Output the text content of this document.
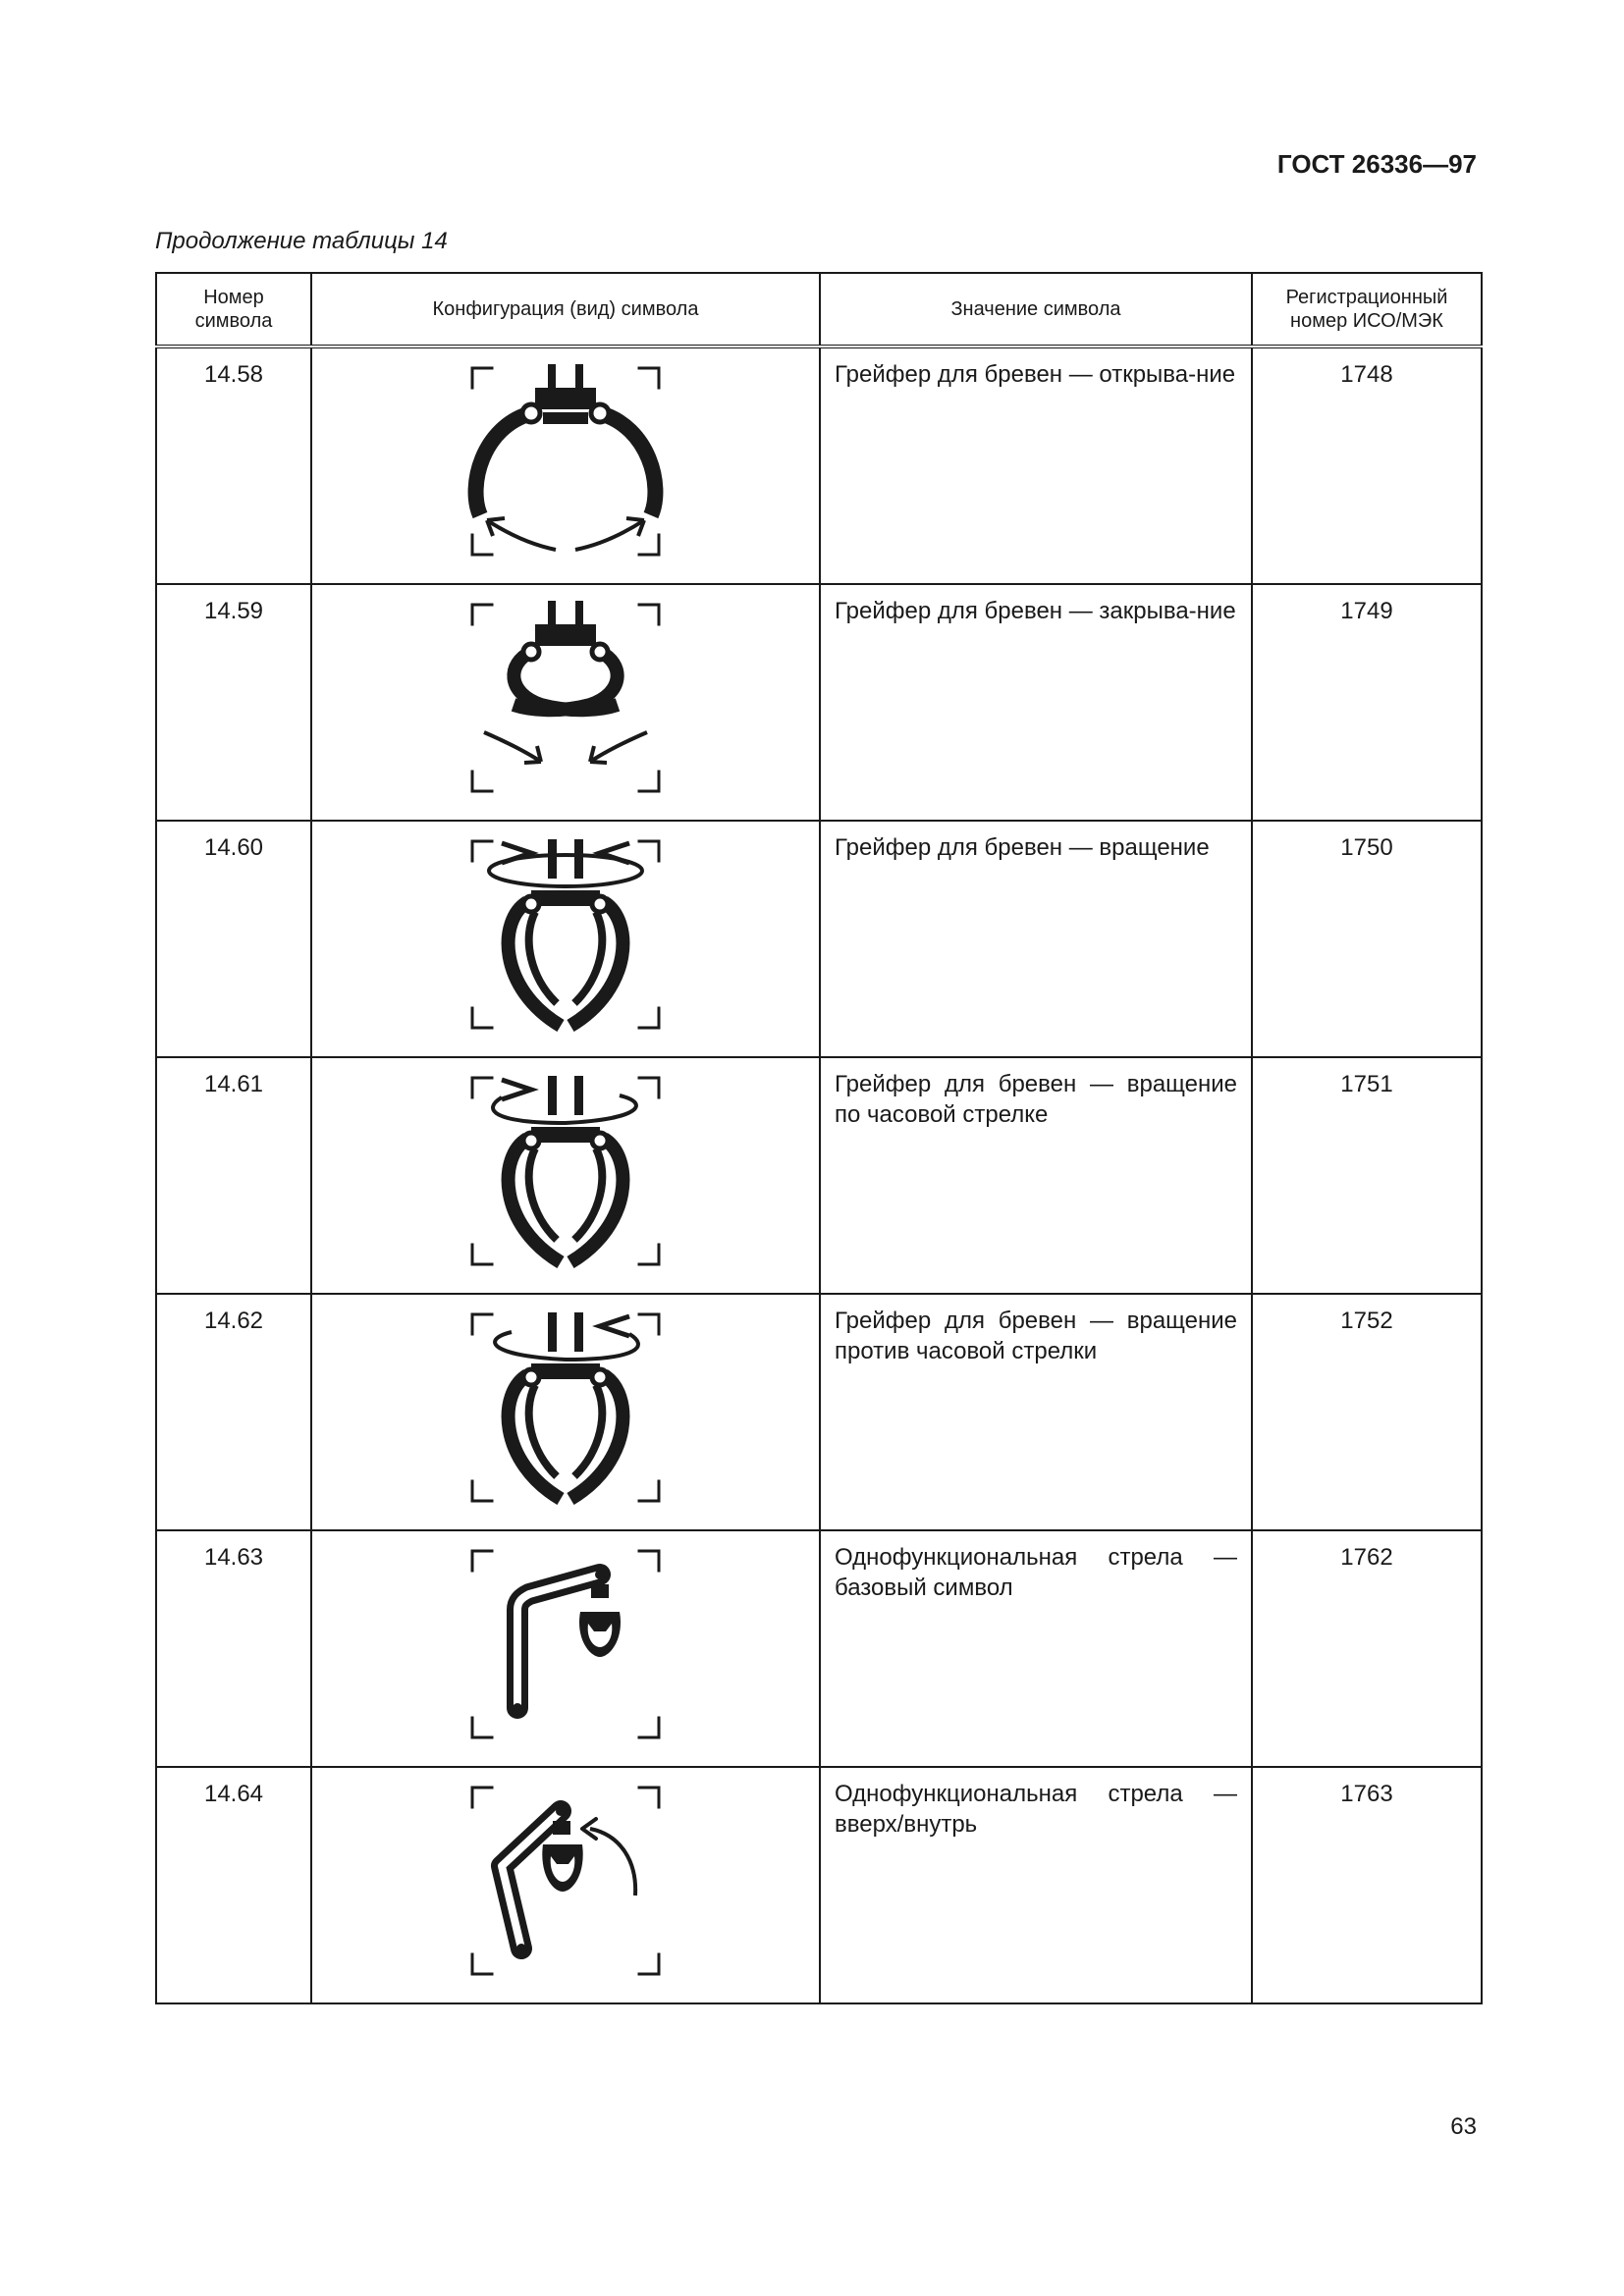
ГОСТ 26336—97
Продолжение таблицы 14
Номер символа	Конфигурация (вид) символа	Значение символа	Регистрационный номер ИСО/МЭК
14.58		Грейфер для бревен — открыва-ние	1748
14.59		Грейфер для бревен — закрыва-ние	1749
14.60		Грейфер для бревен — вращение	1750
14.61		Грейфер для бревен — вращение по часовой стрелке	1751
14.62		Грейфер для бревен — вращение против часовой стрелки	1752
14.63		Однофункциональная стрела — базовый символ	1762
14.64		Однофункциональная стрела — вверх/внутрь	1763
63
